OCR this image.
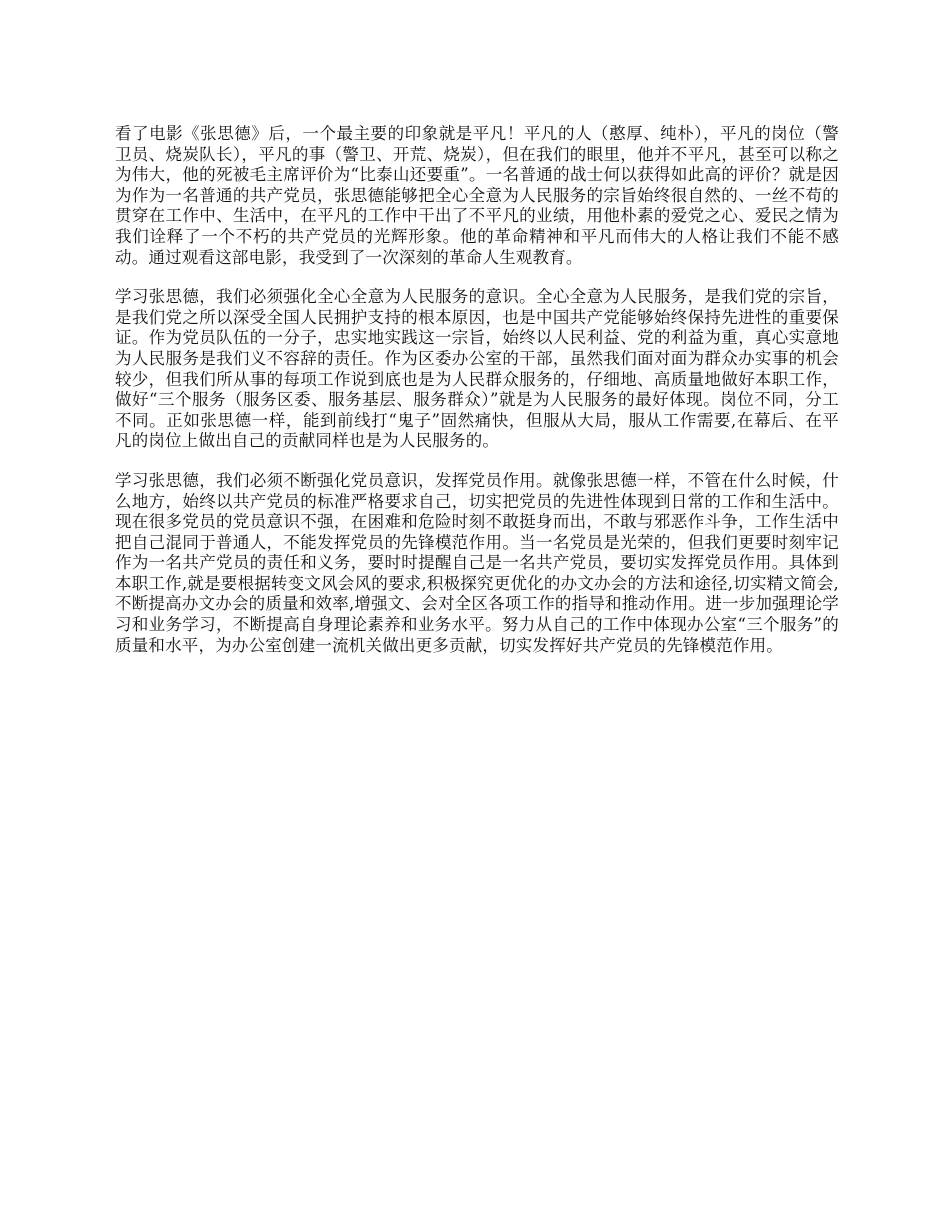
看了电影《张思德》后，一个最主要的印象就是平凡！平凡的人（憨厚、纯朴），平凡的岗位（警卫员、烧炭队长），平凡的事（警卫、开荒、烧炭），但在我们的眼里，他并不平凡，甚至可以称之为伟大，他的死被毛主席评价为“比泰山还要重”。一名普通的战士何以获得如此高的评价？就是因为作为一名普通的共产党员，张思德能够把全心全意为人民服务的宗旨始终很自然的、一丝不苟的贯穿在工作中、生活中，在平凡的工作中干出了不平凡的业绩，用他朴素的爱党之心、爱民之情为我们诠释了一个不朽的共产党员的光辉形象。他的革命精神和平凡而伟大的人格让我们不能不感动。通过观看这部电影，我受到了一次深刻的革命人生观教育。

学习张思德，我们必须强化全心全意为人民服务的意识。全心全意为人民服务，是我们党的宗旨，是我们党之所以深受全国人民拥护支持的根本原因，也是中国共产党能够始终保持先进性的重要保证。作为党员队伍的一分子，忠实地实践这一宗旨，始终以人民利益、党的利益为重，真心实意地为人民服务是我们义不容辞的责任。作为区委办公室的干部，虽然我们面对面为群众办实事的机会较少，但我们所从事的每项工作说到底也是为人民群众服务的，仔细地、高质量地做好本职工作，做好“三个服务（服务区委、服务基层、服务群众）”就是为人民服务的最好体现。岗位不同，分工不同。正如张思德一样，能到前线打“鬼子”固然痛快，但服从大局，服从工作需要,在幕后、在平凡的岗位上做出自己的贡献同样也是为人民服务的。

学习张思德，我们必须不断强化党员意识，发挥党员作用。就像张思德一样，不管在什么时候，什么地方，始终以共产党员的标准严格要求自己，切实把党员的先进性体现到日常的工作和生活中。现在很多党员的党员意识不强，在困难和危险时刻不敢挺身而出，不敢与邪恶作斗争，工作生活中把自己混同于普通人，不能发挥党员的先锋模范作用。当一名党员是光荣的，但我们更要时刻牢记作为一名共产党员的责任和义务，要时时提醒自己是一名共产党员，要切实发挥党员作用。具体到本职工作,就是要根据转变文风会风的要求,积极探究更优化的办文办会的方法和途径,切实精文简会,不断提高办文办会的质量和效率,增强文、会对全区各项工作的指导和推动作用。进一步加强理论学习和业务学习，不断提高自身理论素养和业务水平。努力从自己的工作中体现办公室“三个服务”的质量和水平，为办公室创建一流机关做出更多贡献，切实发挥好共产党员的先锋模范作用。
